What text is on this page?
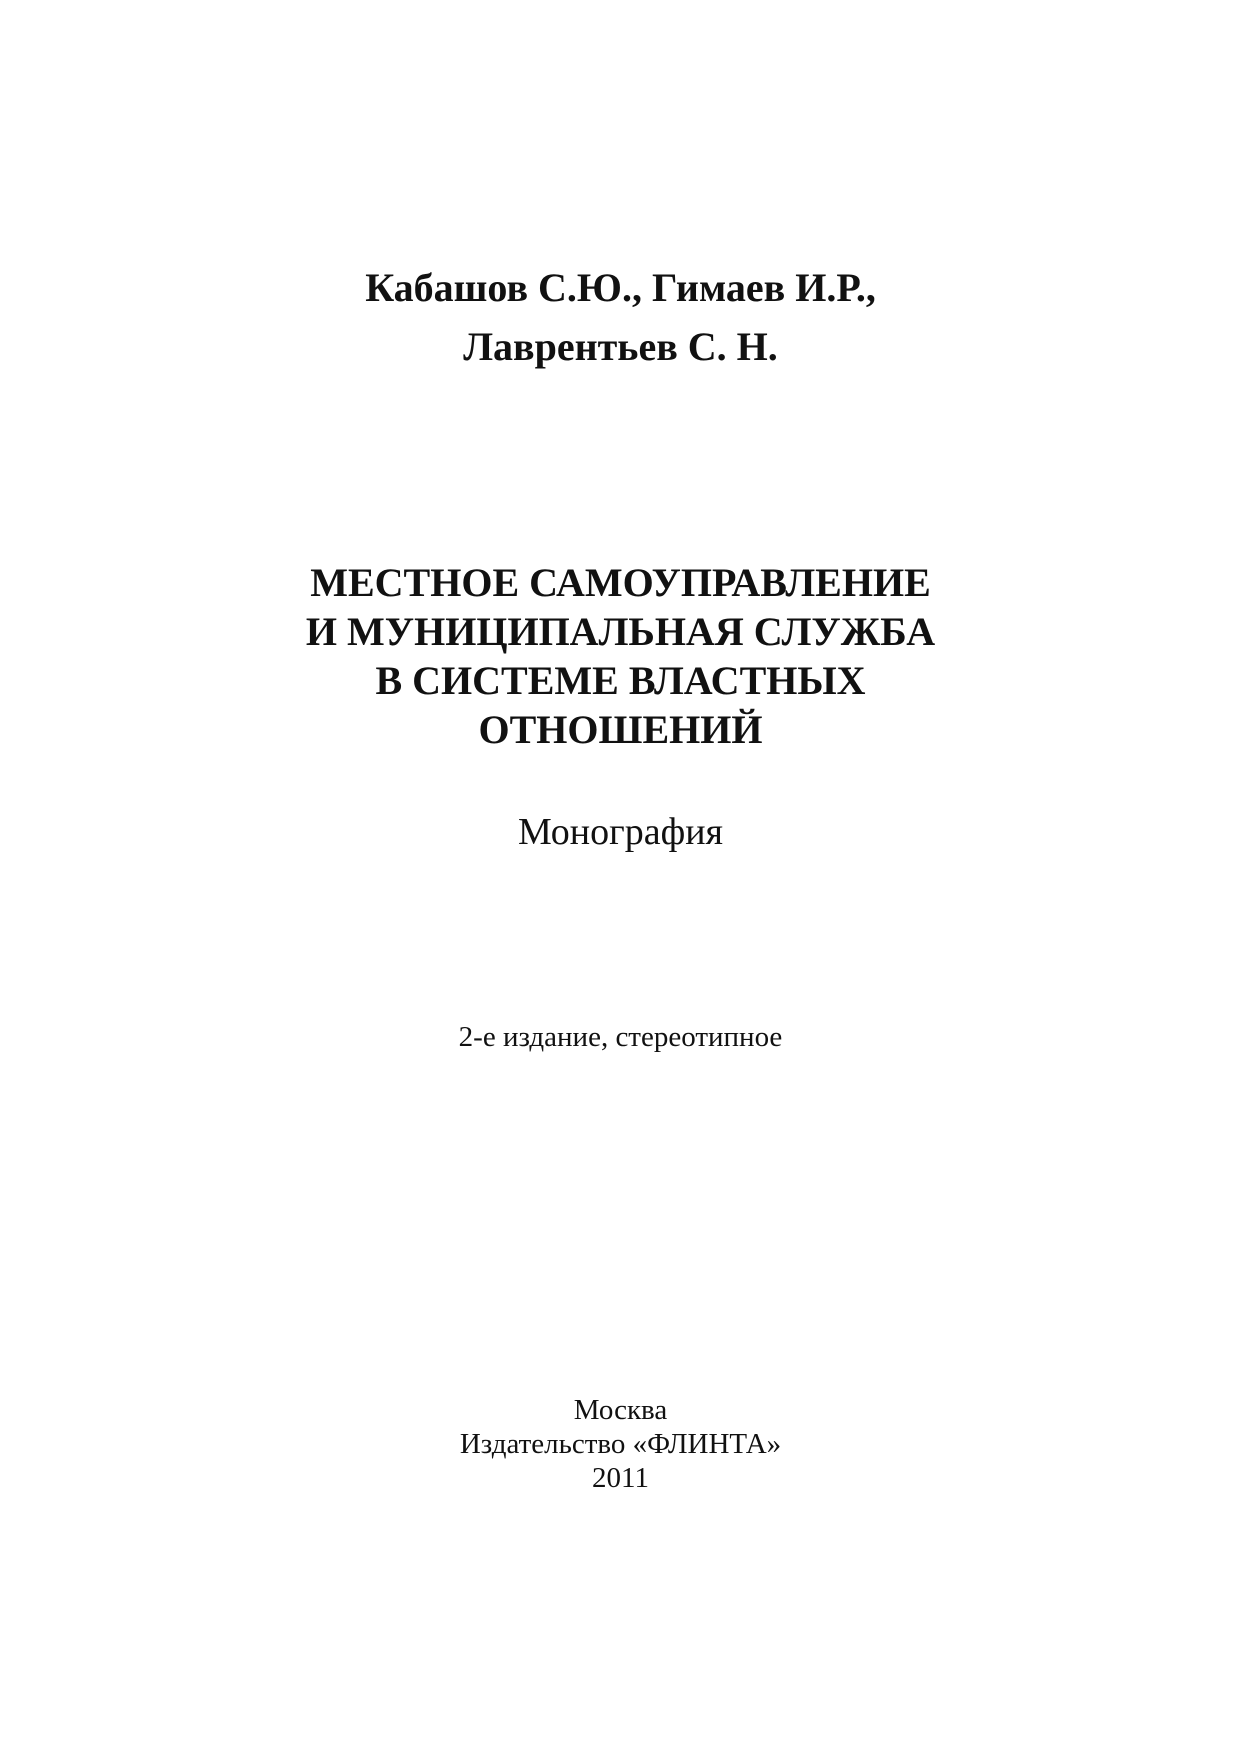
Кабашов С.Ю., Гимаев И.Р.,
Лаврентьев С. Н.
МЕСТНОЕ САМОУПРАВЛЕНИЕ
И МУНИЦИПАЛЬНАЯ СЛУЖБА
В СИСТЕМЕ ВЛАСТНЫХ
ОТНОШЕНИЙ
Монография
2-е издание, стереотипное
Москва
Издательство «ФЛИНТА»
2011
